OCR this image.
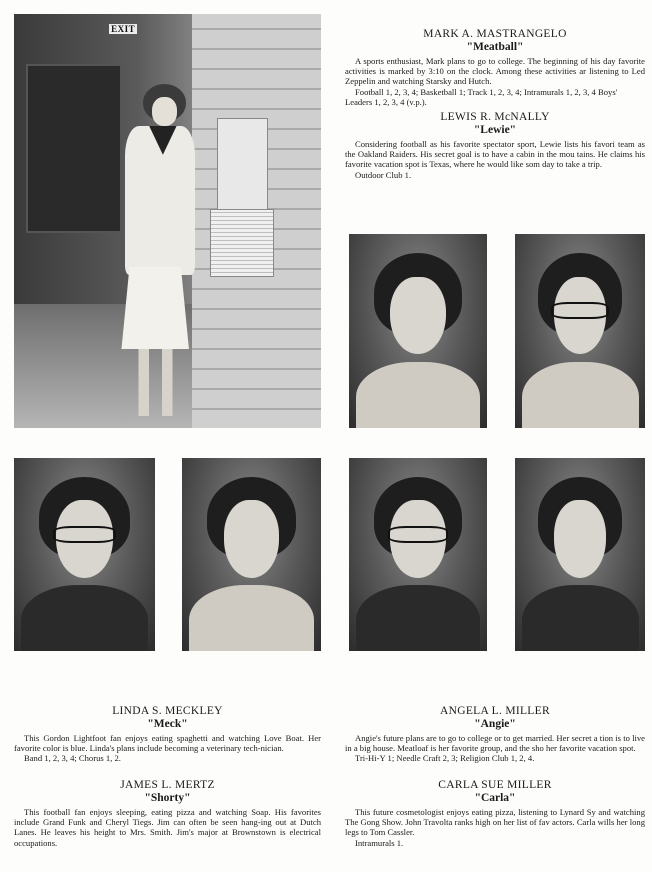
EXIT	MARK A. MASTRANGELO

"Meatball"

A sports enthusiast, Mark plans to go to college. The beginning of his day favorite activities is marked by 3:10 on the clock. Among these activities ar listening to Led Zeppelin and watching Starsky and Hutch.

Football 1, 2, 3, 4; Basketball 1; Track 1, 2, 3, 4; Intramurals 1, 2, 3, 4 Boys' Leaders 1, 2, 3, 4 (v.p.).

LEWIS R. McNALLY

"Lewie"

Considering football as his favorite spectator sport, Lewie lists his favori team as the Oakland Raiders. His secret goal is to have a cabin in the mou tains. He claims his favorite vacation spot is Texas, where he would like som day to take a trip.

Outdoor Club 1.

LINDA S. MECKLEY

"Meck"

This Gordon Lightfoot fan enjoys eating spaghetti and watching Love Boat. Her favorite color is blue. Linda's plans include becoming a veterinary tech-nician.

Band 1, 2, 3, 4; Chorus 1, 2.

JAMES L. MERTZ

"Shorty"

This football fan enjoys sleeping, eating pizza and watching Soap. His favorites include Grand Funk and Cheryl Tiegs. Jim can often be seen hang-ing out at Dutch Lanes. He leaves his height to Mrs. Smith. Jim's major at Brownstown is electrical occupations.

ANGELA L. MILLER

"Angie"

Angie's future plans are to go to college or to get married. Her secret a tion is to live in a big house. Meatloaf is her favorite group, and the sho her favorite vacation spot.

Tri-Hi-Y 1; Needle Craft 2, 3; Religion Club 1, 2, 4.

CARLA SUE MILLER

"Carla"

This future cosmetologist enjoys eating pizza, listening to Lynard Sy and watching The Gong Show. John Travolta ranks high on her list of fav actors. Carla wills her long legs to Tom Cassler.

Intramurals 1.
